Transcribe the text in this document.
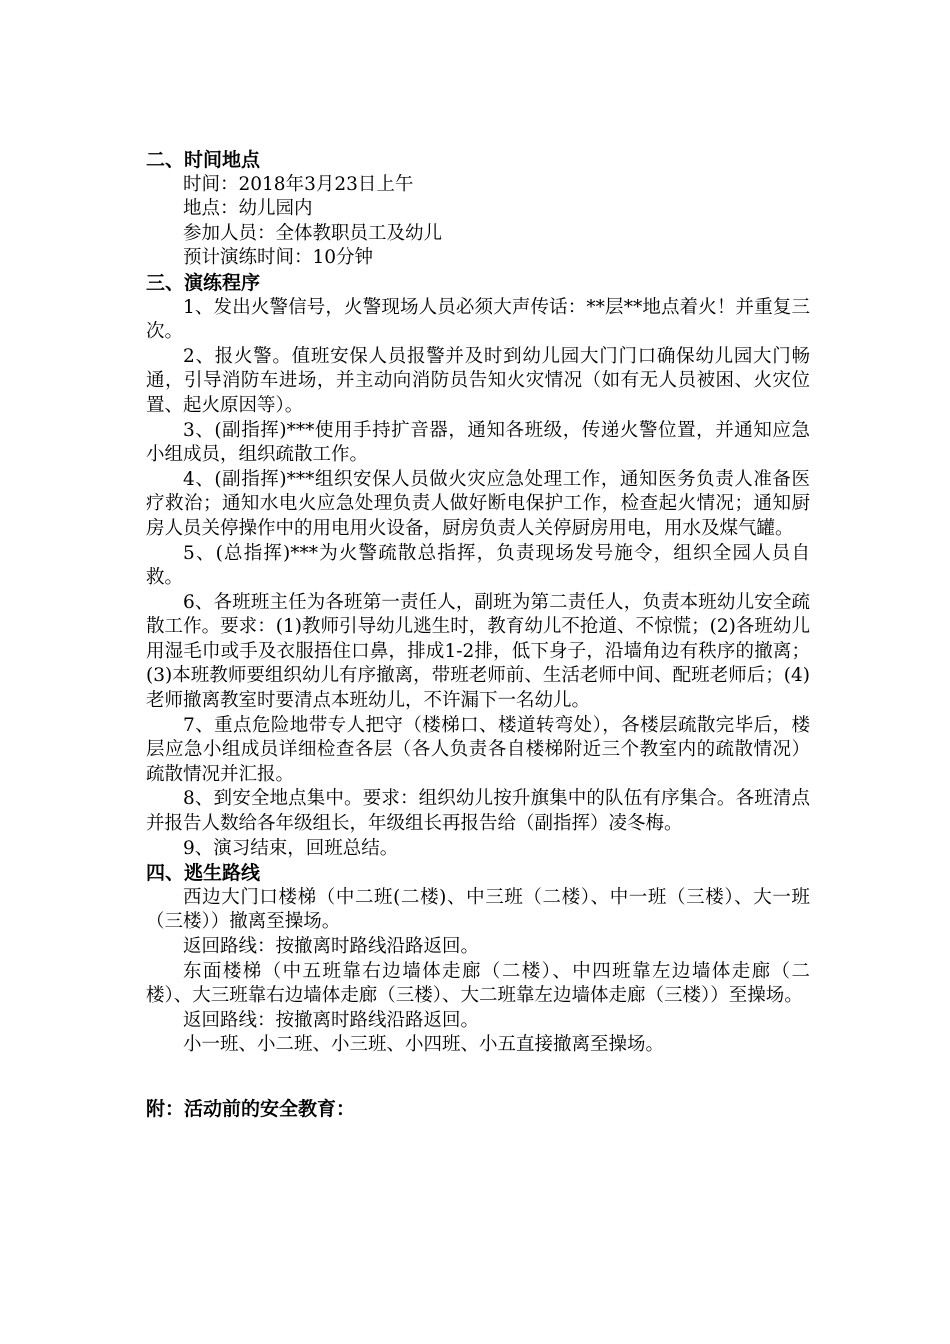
二、时间地点

时间：2018年3月23日上午

地点：幼儿园内

参加人员：全体教职员工及幼儿

预计演练时间：10分钟

三、演练程序

1、发出火警信号，火警现场人员必须大声传话：**层**地点着火！并重复三次。

2、报火警。值班安保人员报警并及时到幼儿园大门门口确保幼儿园大门畅通，引导消防车进场，并主动向消防员告知火灾情况（如有无人员被困、火灾位置、起火原因等）。

3、(副指挥)***使用手持扩音器，通知各班级，传递火警位置，并通知应急小组成员，组织疏散工作。

4、(副指挥)***组织安保人员做火灾应急处理工作，通知医务负责人准备医疗救治；通知水电火应急处理负责人做好断电保护工作，检查起火情况；通知厨房人员关停操作中的用电用火设备，厨房负责人关停厨房用电，用水及煤气罐。

5、(总指挥)***为火警疏散总指挥，负责现场发号施令，组织全园人员自救。

6、各班班主任为各班第一责任人，副班为第二责任人，负责本班幼儿安全疏散工作。要求：(1)教师引导幼儿逃生时，教育幼儿不抢道、不惊慌；(2)各班幼儿用湿毛巾或手及衣服捂住口鼻，排成1-2排，低下身子，沿墙角边有秩序的撤离；(3)本班教师要组织幼儿有序撤离，带班老师前、生活老师中间、配班老师后；(4)老师撤离教室时要清点本班幼儿，不许漏下一名幼儿。

7、重点危险地带专人把守（楼梯口、楼道转弯处），各楼层疏散完毕后，楼层应急小组成员详细检查各层（各人负责各自楼梯附近三个教室内的疏散情况）疏散情况并汇报。

8、到安全地点集中。要求：组织幼儿按升旗集中的队伍有序集合。各班清点并报告人数给各年级组长，年级组长再报告给（副指挥）凌冬梅。

9、演习结束，回班总结。

四、逃生路线

西边大门口楼梯（中二班(二楼)、中三班（二楼）、中一班（三楼）、大一班（三楼））撤离至操场。

返回路线：按撤离时路线沿路返回。

东面楼梯（中五班靠右边墙体走廊（二楼）、中四班靠左边墙体走廊（二楼）、大三班靠右边墙体走廊（三楼）、大二班靠左边墙体走廊（三楼））至操场。

返回路线：按撤离时路线沿路返回。

小一班、小二班、小三班、小四班、小五直接撤离至操场。

附：活动前的安全教育：
